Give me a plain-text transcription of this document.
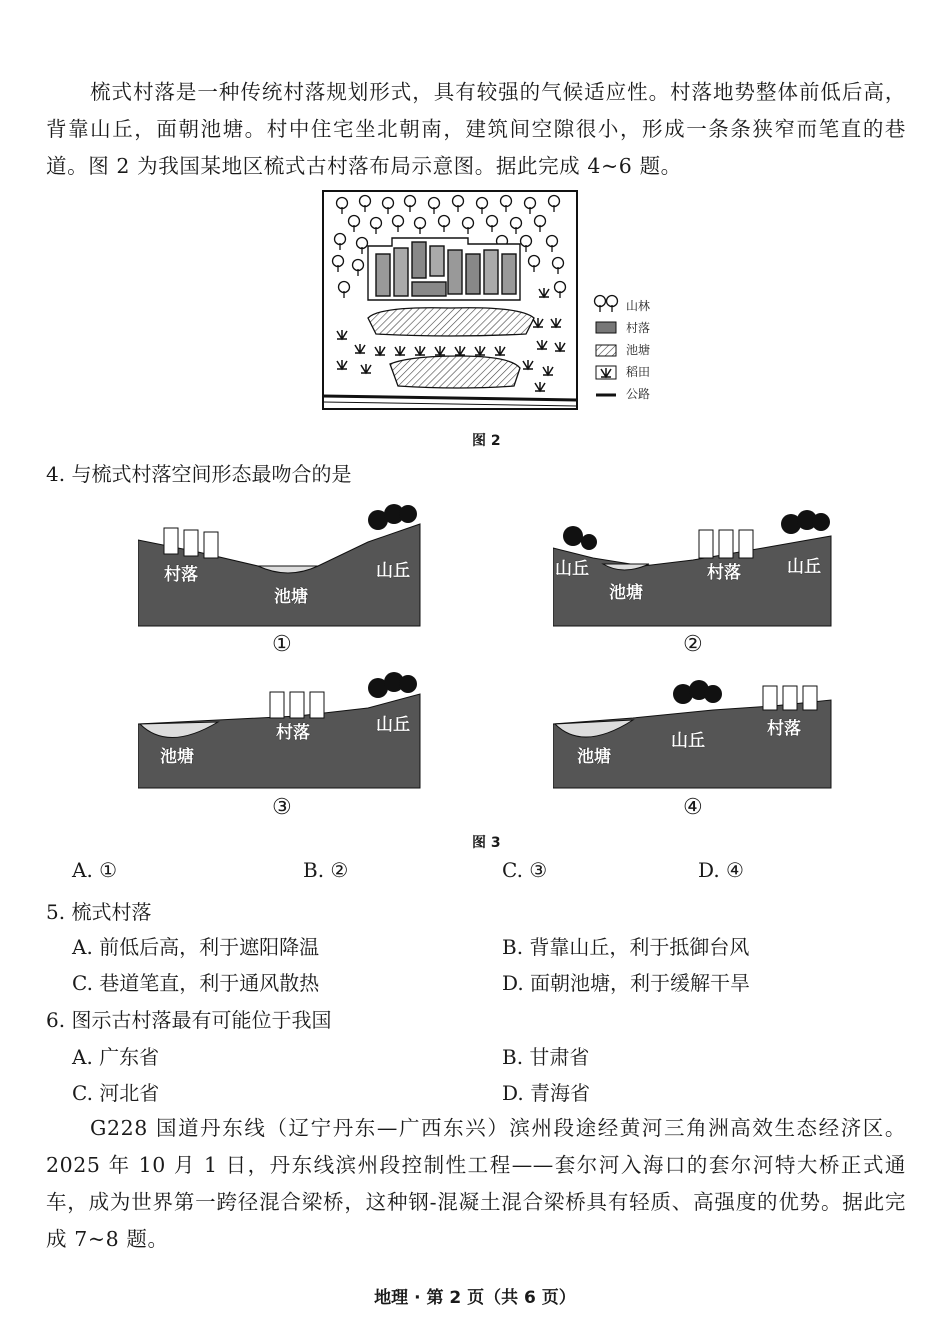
梳式村落是一种传统村落规划形式，具有较强的气候适应性。村落地势整体前低后高，背靠山丘，面朝池塘。村中住宅坐北朝南，建筑间空隙很小，形成一条条狭窄而笔直的巷道。图 2 为我国某地区梳式古村落布局示意图。据此完成 4~6 题。

山林
村落
池塘
稻田
公路
图 2
4. 与梳式村落空间形态最吻合的是
村落
池塘
山丘
①
山丘
池塘
村落	山丘
②
池塘
村落	山丘
③
池塘
山丘
村落
④
图 3
A. ①	B. ②	C. ③	D. ④
5. 梳式村落
A. 前低后高，利于遮阳降温	B. 背靠山丘，利于抵御台风
C. 巷道笔直，利于通风散热	D. 面朝池塘，利于缓解干旱
6. 图示古村落最有可能位于我国
A. 广东省	B. 甘肃省
C. 河北省	D. 青海省

G228 国道丹东线（辽宁丹东—广西东兴）滨州段途经黄河三角洲高效生态经济区。2025 年 10 月 1 日，丹东线滨州段控制性工程——套尔河入海口的套尔河特大桥正式通车，成为世界第一跨径混合梁桥，这种钢-混凝土混合梁桥具有轻质、高强度的优势。据此完成 7~8 题。

地理 · 第 2 页（共 6 页）
